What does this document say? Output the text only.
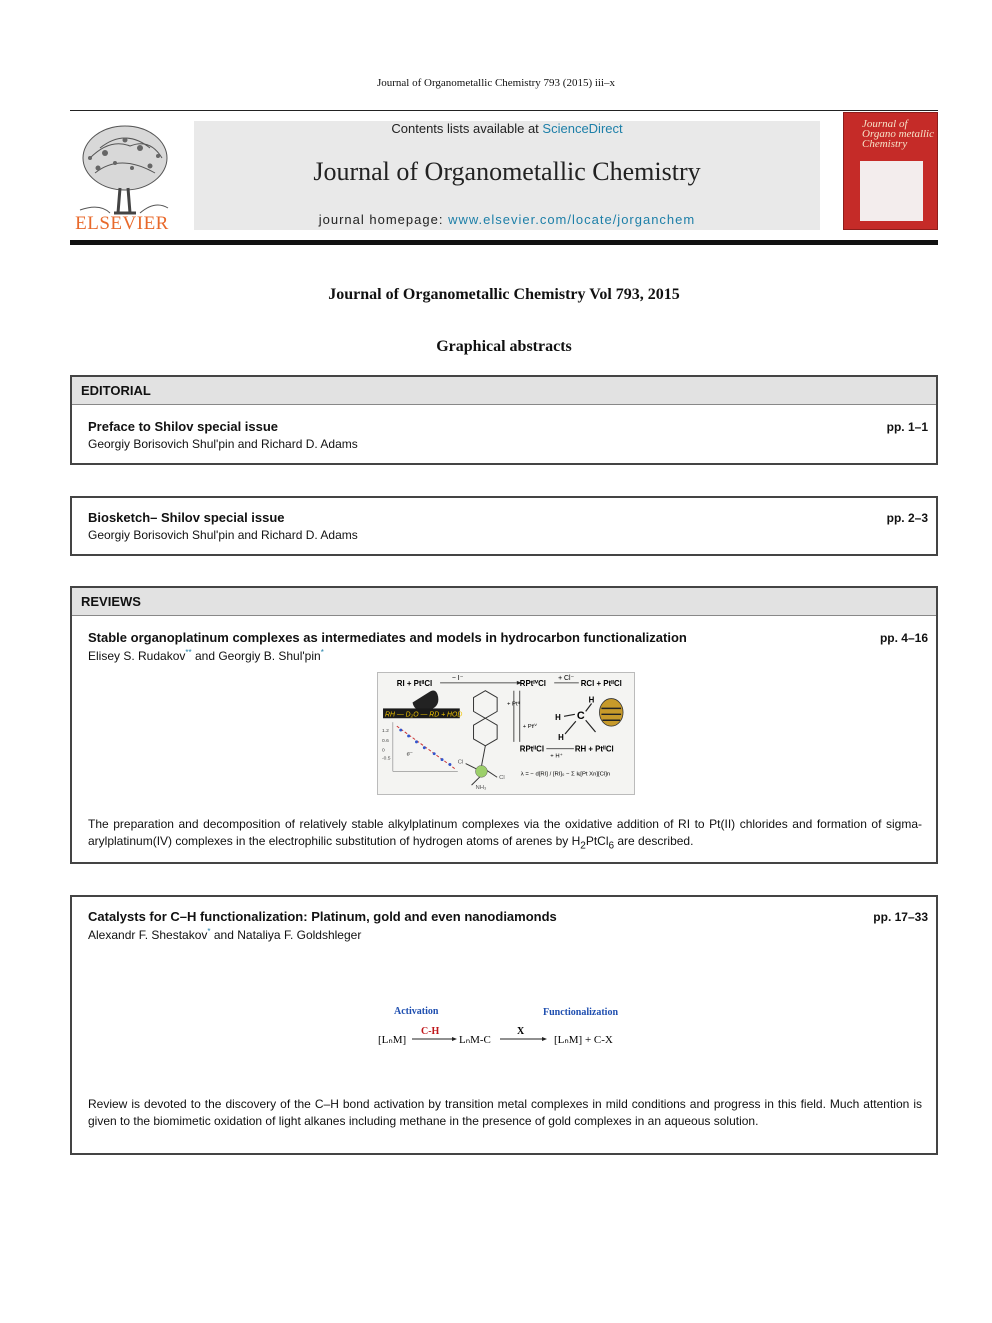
Journal of Organometallic Chemistry 793 (2015) iii–x
ELSEVIER
Contents lists available at ScienceDirect
Journal of Organometallic Chemistry
journal homepage: www.elsevier.com/locate/jorganchem
Journal of Organo metallic Chemistry
Journal of Organometallic Chemistry Vol 793, 2015
Graphical abstracts
EDITORIAL
Preface to Shilov special issue	pp. 1–1
Georgiy Borisovich Shul'pin and Richard D. Adams
Biosketch– Shilov special issue	pp. 2–3
Georgiy Borisovich Shul'pin and Richard D. Adams
REVIEWS
Stable organoplatinum complexes as intermediates and models in hydrocarbon functionalization	pp. 4–16
Elisey S. Rudakov** and Georgiy B. Shul'pin*
RI + PtᴵᴵCl
− I⁻
RPtᴵⱽCl
+ Cl⁻
RCl + PtᴵᴵCl
Cl
Cl
NH₃
RH — D₂O — RD + HOD
1.2
0.6
0
-0.5
σ⁻
+ Ptᴵᴵ
+ Ptᴵⱽ
RPtᴵᴵCl
+ H⁺
RH + PtᴵᴵCl
C
H
H
H
λ = − d[RI] / [RI]₀ − Σ kᵢ[Pt Xn][Cl]n
The preparation and decomposition of relatively stable alkylplatinum complexes via the oxidative addition of RI to Pt(II) chlorides and formation of sigma-arylplatinum(IV) complexes in the electrophilic substitution of hydrogen atoms of arenes by $H_2PtCl_6$ are described.
Catalysts for C–H functionalization: Platinum, gold and even nanodiamonds	pp. 17–33
Alexandr F. Shestakov* and Nataliya F. Goldshleger
Activation	Functionalization
[LₙM]
C-H
LₙM-C
X
[LₙM] + C-X
Review is devoted to the discovery of the C–H bond activation by transition metal complexes in mild conditions and progress in this field. Much attention is given to the biomimetic oxidation of light alkanes including methane in the presence of gold complexes in an aqueous solution.
